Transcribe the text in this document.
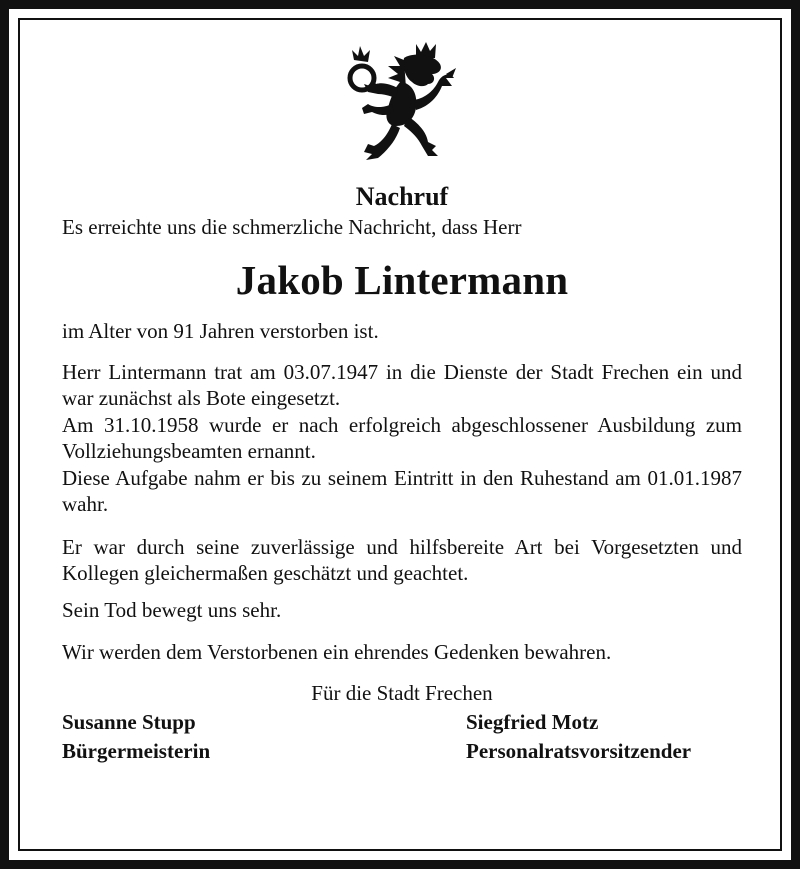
Nachruf
Es erreichte uns die schmerzliche Nachricht, dass Herr
Jakob Lintermann

im Alter von 91 Jahren verstorben ist.

Herr Lintermann trat am 03.07.1947 in die Dienste der Stadt Frechen ein und war zunächst als Bote eingesetzt.

Am 31.10.1958 wurde er nach erfolgreich abgeschlossener Ausbildung zum Vollziehungsbeamten ernannt.

Diese Aufgabe nahm er bis zu seinem Eintritt in den Ruhestand am 01.01.1987 wahr.

Er war durch seine zuverlässige und hilfsbereite Art bei Vorgesetzten und Kollegen gleichermaßen geschätzt und geachtet.

Sein Tod bewegt uns sehr.

Wir werden dem Verstorbenen ein ehrendes Gedenken bewahren.

Für die Stadt Frechen
Susanne Stupp
Bürgermeisterin
Siegfried Motz
Personalratsvorsitzender
